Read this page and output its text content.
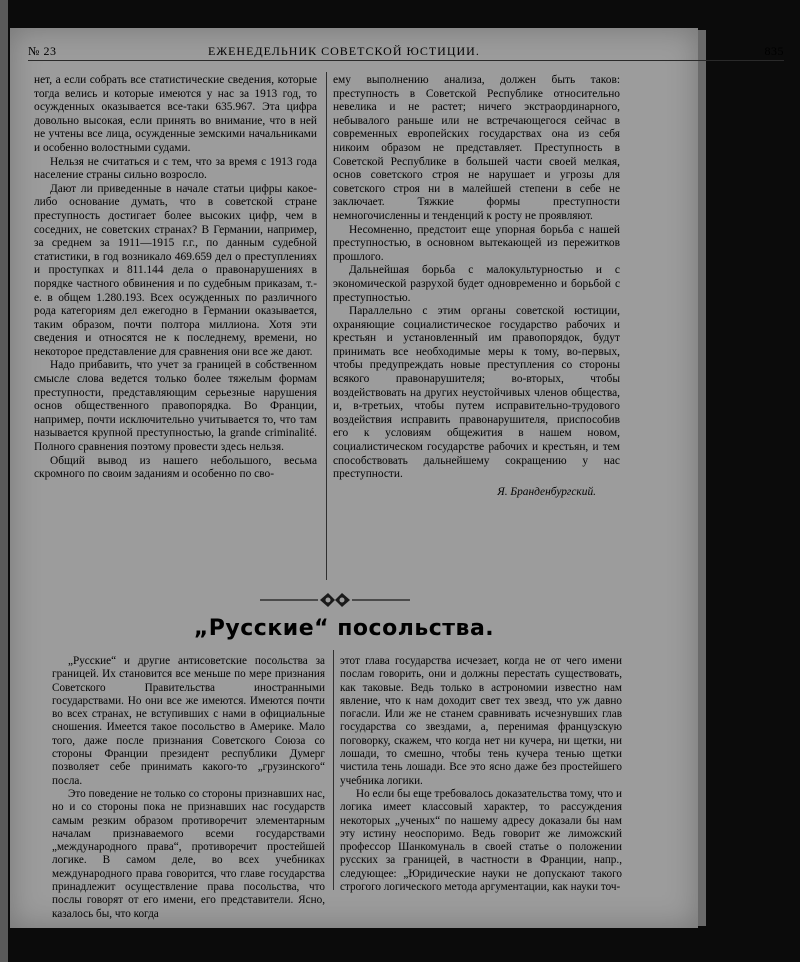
№ 23	ЕЖЕНЕДЕЛЬНИК СОВЕТСКОЙ ЮСТИЦИИ.	835

нет, а если собрать все статистические сведения, которые тогда велись и которые имеются у нас за 1913 год, то осужденных оказывается все-таки 635.967. Эта цифра довольно высокая, если принять во внимание, что в ней не учтены все лица, осужденные земскими начальниками и особенно волостными судами.

Нельзя не считаться и с тем, что за время с 1913 года население страны сильно возросло.

Дают ли приведенные в начале статьи цифры какое-либо основание думать, что в советской стране преступность достигает более высоких цифр, чем в соседних, не советских странах? В Германии, например, за среднем за 1911—1915 г.г., по данным судебной статистики, в год возникало 469.659 дел о преступлениях и проступках и 811.144 дела о правонарушениях в порядке частного обвинения и по судебным приказам, т.-е. в общем 1.280.193. Всех осужденных по различного рода категориям дел ежегодно в Германии оказывается, таким образом, почти полтора миллиона. Хотя эти сведения и относятся не к последнему, времени, но некоторое представление для сравнения они все же дают.

Надо прибавить, что учет за границей в собственном смысле слова ведется только более тяжелым формам преступности, представляющим серьезные нарушения основ общественного правопорядка. Во Франции, например, почти исключительно учитывается то, что там называется крупной преступностью, la grande criminalité. Полного сравнения поэтому провести здесь нельзя.

Общий вывод из нашего небольшого, весьма скромного по своим заданиям и особенно по сво-

ему выполнению анализа, должен быть таков: преступность в Советской Республике относительно невелика и не растет; ничего экстраординарного, небывалого раньше или не встречающегося сейчас в современных европейских государствах она из себя никоим образом не представляет. Преступность в Советской Республике в большей части своей мелкая, основ советского строя не нарушает и угрозы для советского строя ни в малейшей степени в себе не заключает. Тяжкие формы преступности немногочисленны и тенденций к росту не проявляют.

Несомненно, предстоит еще упорная борьба с нашей преступностью, в основном вытекающей из пережитков прошлого.

Дальнейшая борьба с малокультурностью и с экономической разрухой будет одновременно и борьбой с преступностью.

Параллельно с этим органы советской юстиции, охраняющие социалистическое государство рабочих и крестьян и установленный им правопорядок, будут принимать все необходимые меры к тому, во-первых, чтобы предупреждать новые преступления со стороны всякого правонарушителя; во-вторых, чтобы воздействовать на других неустойчивых членов общества, и, в-третьих, чтобы путем исправительно-трудового воздействия исправить правонарушителя, приспособив его к условиям общежития в нашем новом, социалистическом государстве рабочих и крестьян, и тем способствовать дальнейшему сокращению у нас преступности.

Я. Бранденбургский.
„Русские“ посольства.

„Русские“ и другие антисоветские посольства за границей. Их становится все меньше по мере признания Советского Правительства иностранными государствами. Но они все же имеются. Имеются почти во всех странах, не вступивших с нами в официальные сношения. Имеется такое посольство в Америке. Мало того, даже после признания Советского Союза со стороны Франции президент республики Думерг позволяет себе принимать какого-то „грузинского“ посла.

Это поведение не только со стороны признавших нас, но и со стороны пока не признавших нас государств самым резким образом противоречит элементарным началам признаваемого всеми государствами „международного права“, противоречит простейшей логике. В самом деле, во всех учебниках международного права говорится, что главе государства принадлежит осуществление права посольства, что послы говорят от его имени, его представители. Ясно, казалось бы, что когда

этот глава государства исчезает, когда не от чего имени послам говорить, они и должны перестать существовать, как таковые. Ведь только в астрономии известно нам явление, что к нам доходит свет тех звезд, что уж давно погасли. Или же не станем сравнивать исчезнувших глав государства со звездами, а, перенимая французскую поговорку, скажем, что когда нет ни кучера, ни щетки, ни лошади, то смешно, чтобы тень кучера тенью щетки чистила тень лошади. Все это ясно даже без простейшего учебника логики.

Но если бы еще требовалось доказательства тому, что и логика имеет классовый характер, то рассуждения некоторых „ученых“ по нашему адресу доказали бы нам эту истину неоспоримо. Ведь говорит же лиможский профессор Шанкомуналь в своей статье о положении русских за границей, в частности в Франции, напр., следующее: „Юридические науки не допускают такого строгого логического метода аргументации, как науки точ-
